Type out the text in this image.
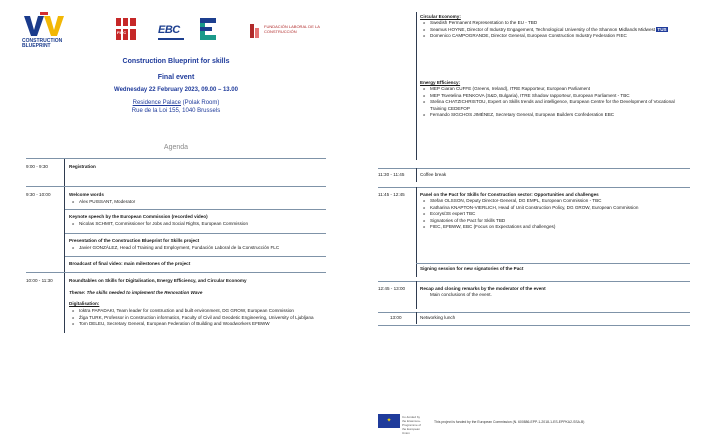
CONSTRUCTION BLUEPRINT
FIEC	EBC	FUNDACIÓN LABORAL DE LA CONSTRUCCIÓN
Construction Blueprint for skills
Final event
Wednesday 22 February 2023, 09.00 – 13.00
Residence Palace (Polak Room)
Rue de la Loi 155, 1040 Brussels
Agenda
9:00 - 9:30	Registration
9:30 - 10:00	Welcome words
o Alex PUISSANT, Moderator
Keynote speech by the European Commission (recorded video)
o Nicolas SCHMIT, Commissioner for Jobs and Social Rights, European Commission
Presentation of the Construction Blueprint for Skills project
o Javier GONZÁLEZ, Head of Training and Employment, Fundación Laboral de la Construcción FLC
Broadcast of final video: main milestones of the project
10:00 - 11:30	Roundtables on Skills for Digitalisation, Energy Efficiency, and Circular Economy
Theme: The skills needed to implement the Renovation Wave
Digitalisation:
o Ioktra PAPADAKI, Team leader for construction and built environment, DG GROW, European Commission
o Žiga TURK, Professor in Construction informatics, Faculty of Civil and Geodetic Engineering, University of Ljubljana
o Tom DELEU, Secretary General, European Federation of Building and Woodworkers EFBWW
Circular Economy:
o Swedish Permanent Representation to the EU - TBD
o Seamus HOYNE, Director of Industry Engagement, Technological University of the Shannon Midlands Midwest TUS
o Domenico CAMPOGRANDE, Director General, European Construction Industry Federation FIEC
Energy Efficiency:
o MEP Ciaran CUFFE (Greens, Ireland), ITRE Rapporteur, European Parliament
o MEP Tsvetelina PENKOVA (S&D, Bulgaria), ITRE Shadow rapporteur, European Parliament - TBC
o Stelina CHATZICHRISTOU, Expert on Skills trends and intelligence, European Centre for the Development of Vocational Training CEDEFOP
o Fernando SIGCHOS JIMÉNEZ, Secretary General, European Builders Confederation EBC
11:30 - 11:45	Coffee break
11:45 - 12:45	Panel on the Pact for Skills for Construction sector: Opportunities and challenges
o Stefan OLSSON, Deputy Director-General, DG EMPL, European Commission - TBC
o Katharina KNAPTON-VIERLICH, Head of Unit Construction Policy, DG GROW, European Commission
o Ecorys/3S expert TBC
o Signatories of the Pact for Skills TBD
o FIEC, EFBWW, EBC (Focus on Expectations and challenges)
Signing session for new signatories of the Pact
12:45 - 13:00	Recap and closing remarks by the moderator of the event
Main conclusions of the event.
13:00	Networking lunch
✦
Co-funded by the Erasmus+ Programme of the European Union
This project is funded by the European Commission (N. 600886-EPP-1-2018-1-ES-EPPKA2-SSA-B)
